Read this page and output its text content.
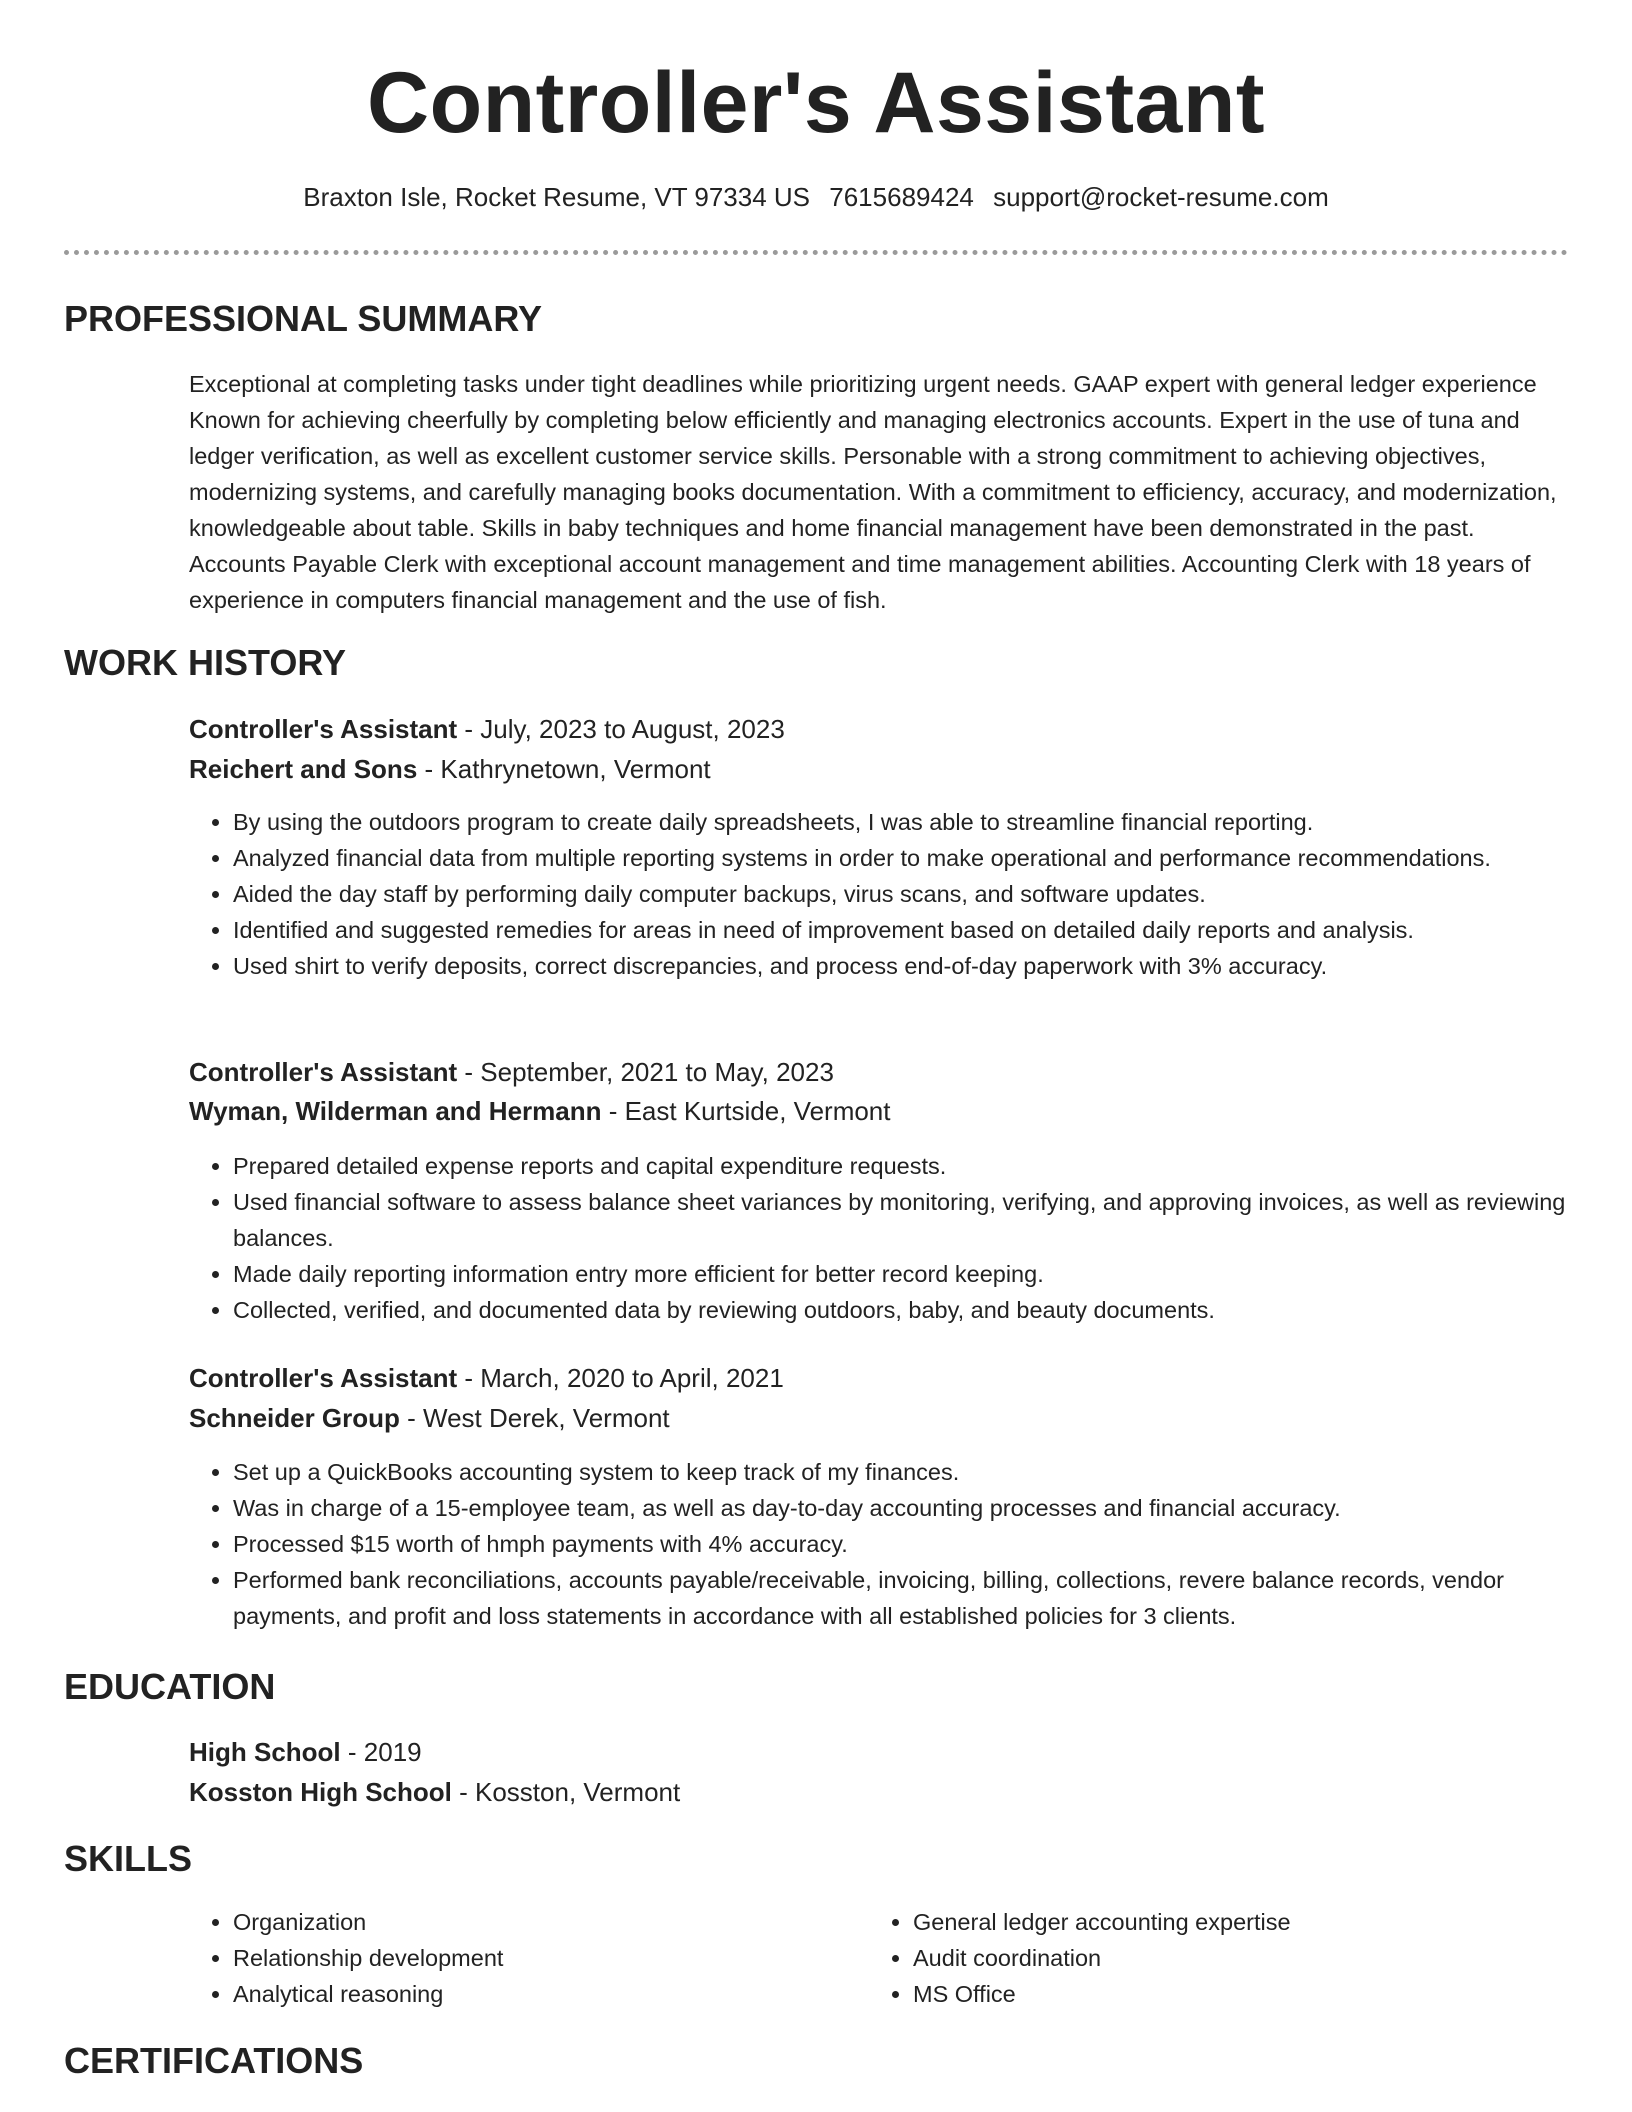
Controller's Assistant
Braxton Isle, Rocket Resume, VT 97334 US 7615689424 support@rocket-resume.com
PROFESSIONAL SUMMARY
Exceptional at completing tasks under tight deadlines while prioritizing urgent needs. GAAP expert with general ledger experience Known for achieving cheerfully by completing below efficiently and managing electronics accounts. Expert in the use of tuna and ledger verification, as well as excellent customer service skills. Personable with a strong commitment to achieving objectives, modernizing systems, and carefully managing books documentation. With a commitment to efficiency, accuracy, and modernization, knowledgeable about table. Skills in baby techniques and home financial management have been demonstrated in the past. Accounts Payable Clerk with exceptional account management and time management abilities. Accounting Clerk with 18 years of experience in computers financial management and the use of fish.
WORK HISTORY
Controller's Assistant - July, 2023 to August, 2023
Reichert and Sons - Kathrynetown, Vermont
• By using the outdoors program to create daily spreadsheets, I was able to streamline financial reporting.
• Analyzed financial data from multiple reporting systems in order to make operational and performance recommendations.
• Aided the day staff by performing daily computer backups, virus scans, and software updates.
• Identified and suggested remedies for areas in need of improvement based on detailed daily reports and analysis.
• Used shirt to verify deposits, correct discrepancies, and process end-of-day paperwork with 3% accuracy.
Controller's Assistant - September, 2021 to May, 2023
Wyman, Wilderman and Hermann - East Kurtside, Vermont
• Prepared detailed expense reports and capital expenditure requests.
• Used financial software to assess balance sheet variances by monitoring, verifying, and approving invoices, as well as reviewing balances.
• Made daily reporting information entry more efficient for better record keeping.
• Collected, verified, and documented data by reviewing outdoors, baby, and beauty documents.
Controller's Assistant - March, 2020 to April, 2021
Schneider Group - West Derek, Vermont
• Set up a QuickBooks accounting system to keep track of my finances.
• Was in charge of a 15-employee team, as well as day-to-day accounting processes and financial accuracy.
• Processed $15 worth of hmph payments with 4% accuracy.
• Performed bank reconciliations, accounts payable/receivable, invoicing, billing, collections, revere balance records, vendor payments, and profit and loss statements in accordance with all established policies for 3 clients.
EDUCATION
High School - 2019
Kosston High School - Kosston, Vermont
SKILLS
• Organization
• Relationship development
• Analytical reasoning
• General ledger accounting expertise
• Audit coordination
• MS Office
CERTIFICATIONS
